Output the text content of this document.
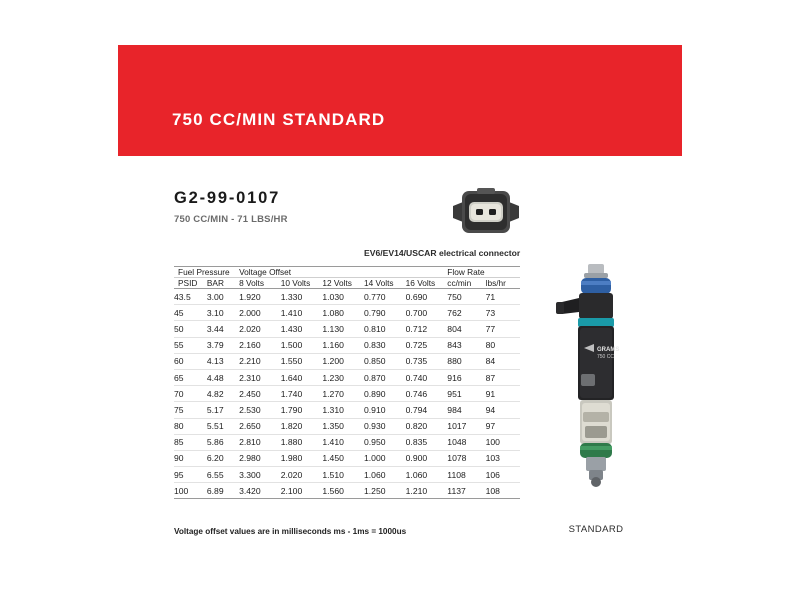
750 CC/MIN STANDARD

G2-99-0107

750 CC/MIN - 71 LBS/HR

EV6/EV14/USCAR electrical connector
Fuel Pressure		Voltage Offset					Flow Rate	
PSID	BAR	8 Volts	10 Volts	12 Volts	14 Volts	16 Volts	cc/min	lbs/hr
43.5	3.00	1.920	1.330	1.030	0.770	0.690	750	71
45	3.10	2.000	1.410	1.080	0.790	0.700	762	73
50	3.44	2.020	1.430	1.130	0.810	0.712	804	77
55	3.79	2.160	1.500	1.160	0.830	0.725	843	80
60	4.13	2.210	1.550	1.200	0.850	0.735	880	84
65	4.48	2.310	1.640	1.230	0.870	0.740	916	87
70	4.82	2.450	1.740	1.270	0.890	0.746	951	91
75	5.17	2.530	1.790	1.310	0.910	0.794	984	94
80	5.51	2.650	1.820	1.350	0.930	0.820	1017	97
85	5.86	2.810	1.880	1.410	0.950	0.835	1048	100
90	6.20	2.980	1.980	1.450	1.000	0.900	1078	103
95	6.55	3.300	2.020	1.510	1.060	1.060	1108	106
100	6.89	3.420	2.100	1.560	1.250	1.210	1137	108
Voltage offset values are in milliseconds ms - 1ms = 1000us
GRAMS
750 CC
STANDARD
